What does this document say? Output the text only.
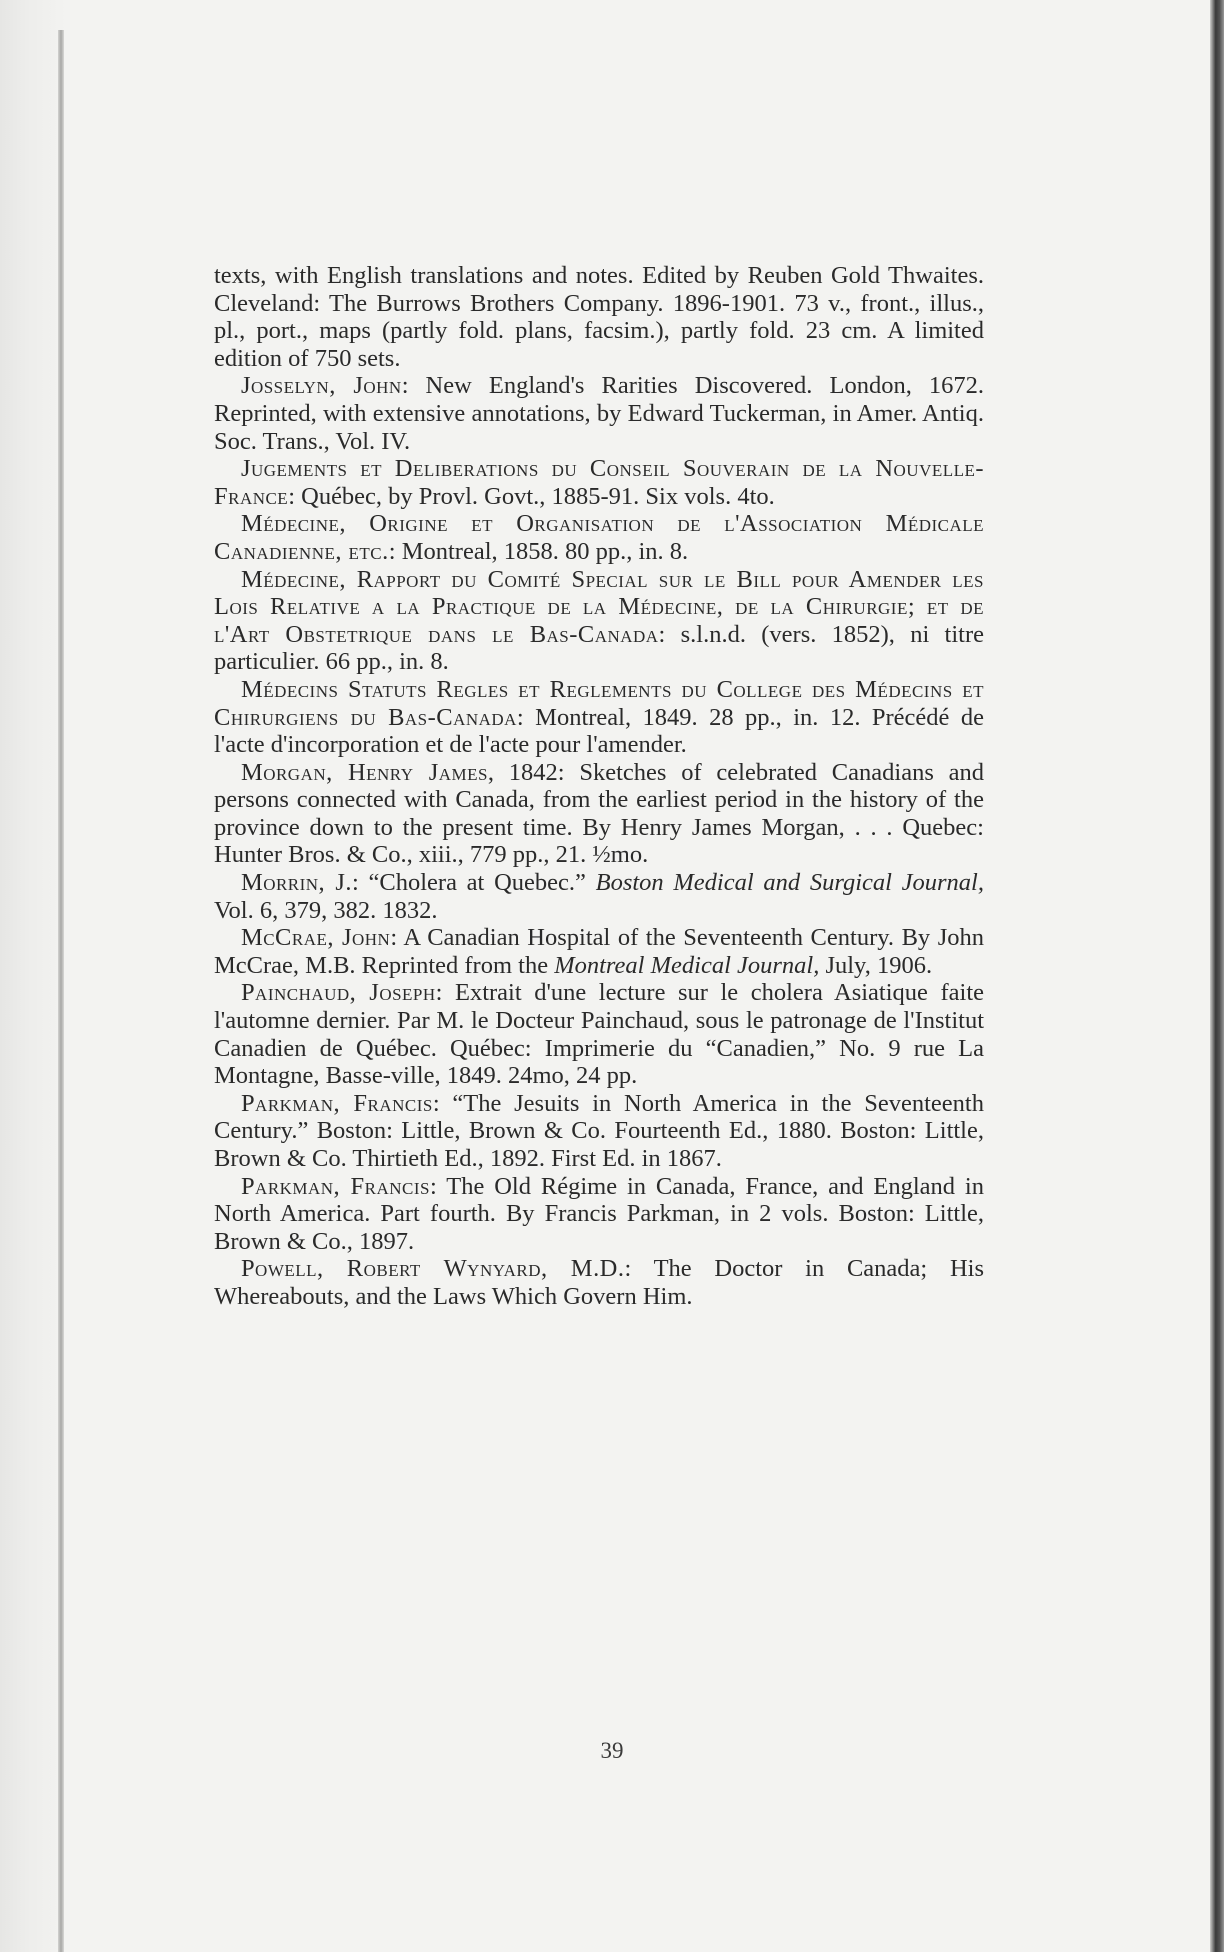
texts, with English translations and notes. Edited by Reuben Gold Thwaites. Cleveland: The Burrows Brothers Company. 1896-1901. 73 v., front., illus., pl., port., maps (partly fold. plans, facsim.), partly fold. 23 cm. A limited edition of 750 sets.

Josselyn, John: New England's Rarities Discovered. London, 1672. Reprinted, with extensive annotations, by Edward Tuckerman, in Amer. Antiq. Soc. Trans., Vol. IV.

Jugements et Deliberations du Conseil Souverain de la Nouvelle-France: Québec, by Provl. Govt., 1885-91. Six vols. 4to.

Médecine, Origine et Organisation de l'Association Médicale Canadienne, etc.: Montreal, 1858. 80 pp., in. 8.

Médecine, Rapport du Comité Special sur le Bill pour Amender les Lois Relative a la Practique de la Médecine, de la Chirurgie; et de l'Art Obstetrique dans le Bas-Canada: s.l.n.d. (vers. 1852), ni titre particulier. 66 pp., in. 8.

Médecins Statuts Regles et Reglements du College des Médecins et Chirurgiens du Bas-Canada: Montreal, 1849. 28 pp., in. 12. Précédé de l'acte d'incorporation et de l'acte pour l'amender.

Morgan, Henry James, 1842: Sketches of celebrated Canadians and persons connected with Canada, from the earliest period in the history of the province down to the present time. By Henry James Morgan, . . . Quebec: Hunter Bros. & Co., xiii., 779 pp., 21. ½mo.

Morrin, J.: “Cholera at Quebec.” Boston Medical and Surgical Journal, Vol. 6, 379, 382. 1832.

McCrae, John: A Canadian Hospital of the Seventeenth Century. By John McCrae, M.B. Reprinted from the Montreal Medical Journal, July, 1906.

Painchaud, Joseph: Extrait d'une lecture sur le cholera Asiatique faite l'automne dernier. Par M. le Docteur Painchaud, sous le patronage de l'Institut Canadien de Québec. Québec: Imprimerie du “Canadien,” No. 9 rue La Montagne, Basse-ville, 1849. 24mo, 24 pp.

Parkman, Francis: “The Jesuits in North America in the Seventeenth Century.” Boston: Little, Brown & Co. Fourteenth Ed., 1880. Boston: Little, Brown & Co. Thirtieth Ed., 1892. First Ed. in 1867.

Parkman, Francis: The Old Régime in Canada, France, and England in North America. Part fourth. By Francis Parkman, in 2 vols. Boston: Little, Brown & Co., 1897.

Powell, Robert Wynyard, M.D.: The Doctor in Canada; His Whereabouts, and the Laws Which Govern Him.

39
